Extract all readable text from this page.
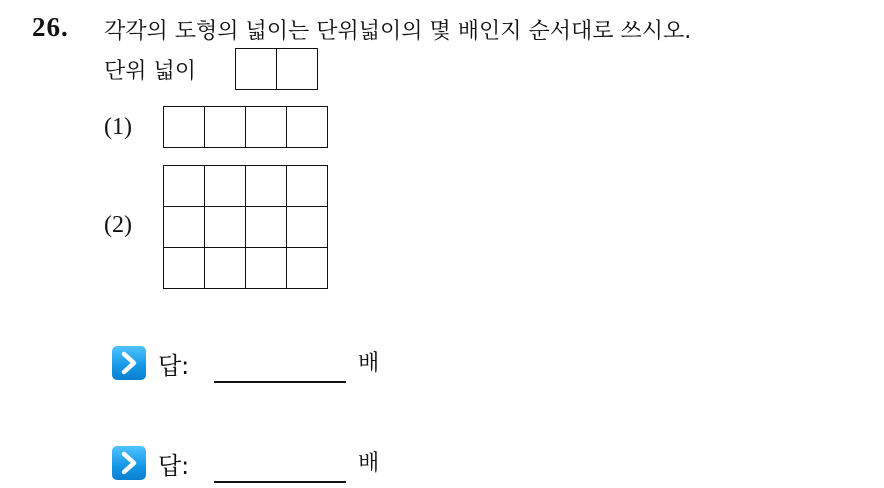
26. 각각의 도형의 넓이는 단위넓이의 몇 배인지 순서대로 쓰시오.
단위 넓이
(1)
(2)
답:	배
답:	배
